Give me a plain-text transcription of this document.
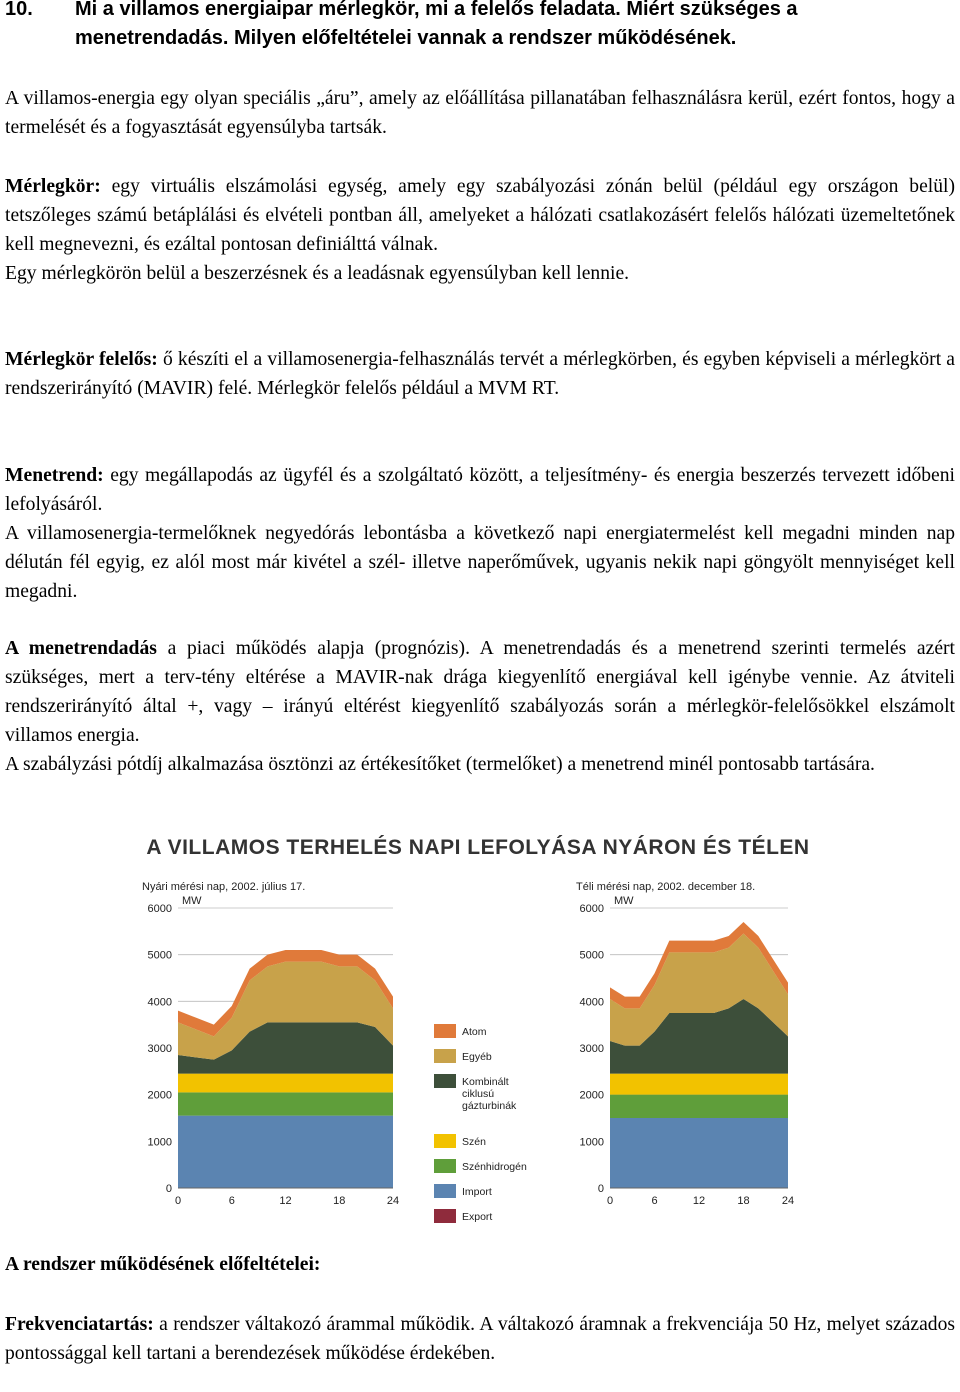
10. Mi a villamos energiaipar mérlegkör, mi a felelős feladata. Miért szükséges a
menetrendadás. Milyen előfeltételei vannak a rendszer működésének.

A villamos-energia egy olyan speciális „áru”, amely az előállítása pillanatában felhasználásra kerül, ezért fontos, hogy a termelését és a fogyasztását egyensúlyba tartsák.

Mérlegkör: egy virtuális elszámolási egység, amely egy szabályozási zónán belül (például egy országon belül) tetszőleges számú betáplálási és elvételi pontban áll, amelyeket a hálózati csatlakozásért felelős hálózati üzemeltetőnek kell megnevezni, és ezáltal pontosan definiálttá válnak.

Egy mérlegkörön belül a beszerzésnek és a leadásnak egyensúlyban kell lennie.

Mérlegkör felelős: ő készíti el a villamosenergia-felhasználás tervét a mérlegkörben, és egyben képviseli a mérlegkört a rendszerirányító (MAVIR) felé. Mérlegkör felelős például a MVM RT.

Menetrend: egy megállapodás az ügyfél és a szolgáltató között, a teljesítmény- és energia beszerzés tervezett időbeni lefolyásáról.

A villamosenergia-termelőknek negyedórás lebontásba a következő napi energiatermelést kell megadni minden nap délután fél egyig, ez alól most már kivétel a szél- illetve naperőművek, ugyanis nekik napi göngyölt mennyiséget kell megadni.

A menetrendadás a piaci működés alapja (prognózis). A menetrendadás és a menetrend szerinti termelés azért szükséges, mert a terv-tény eltérése a MAVIR-nak drága kiegyenlítő energiával kell igénybe vennie. Az átviteli rendszerirányító által +, vagy – irányú eltérést kiegyenlítő szabályozás során a mérlegkör-felelősökkel elszámolt villamos energia.

A szabályzási pótdíj alkalmazása ösztönzi az értékesítőket (termelőket) a menetrend minél pontosabb tartására.

A VILLAMOS TERHELÉS NAPI LEFOLYÁSA NYÁRON ÉS TÉLEN
Nyári mérési nap, 2002. július 17.	Téli mérési nap, 2002. december 18.
0
1000
2000
3000
4000
5000
6000
MW
0	6	12	18	24
0
1000
2000
3000
4000
5000
6000
MW
0	6	12	18	24
Atom
Egyéb
Kombinált
ciklusú
gázturbinák
Szén
Szénhidrogén
Import
Export

A rendszer működésének előfeltételei:

Frekvenciatartás: a rendszer váltakozó árammal működik. A váltakozó áramnak a frekvenciája 50 Hz, melyet százados pontossággal kell tartani a berendezések működése érdekében.
